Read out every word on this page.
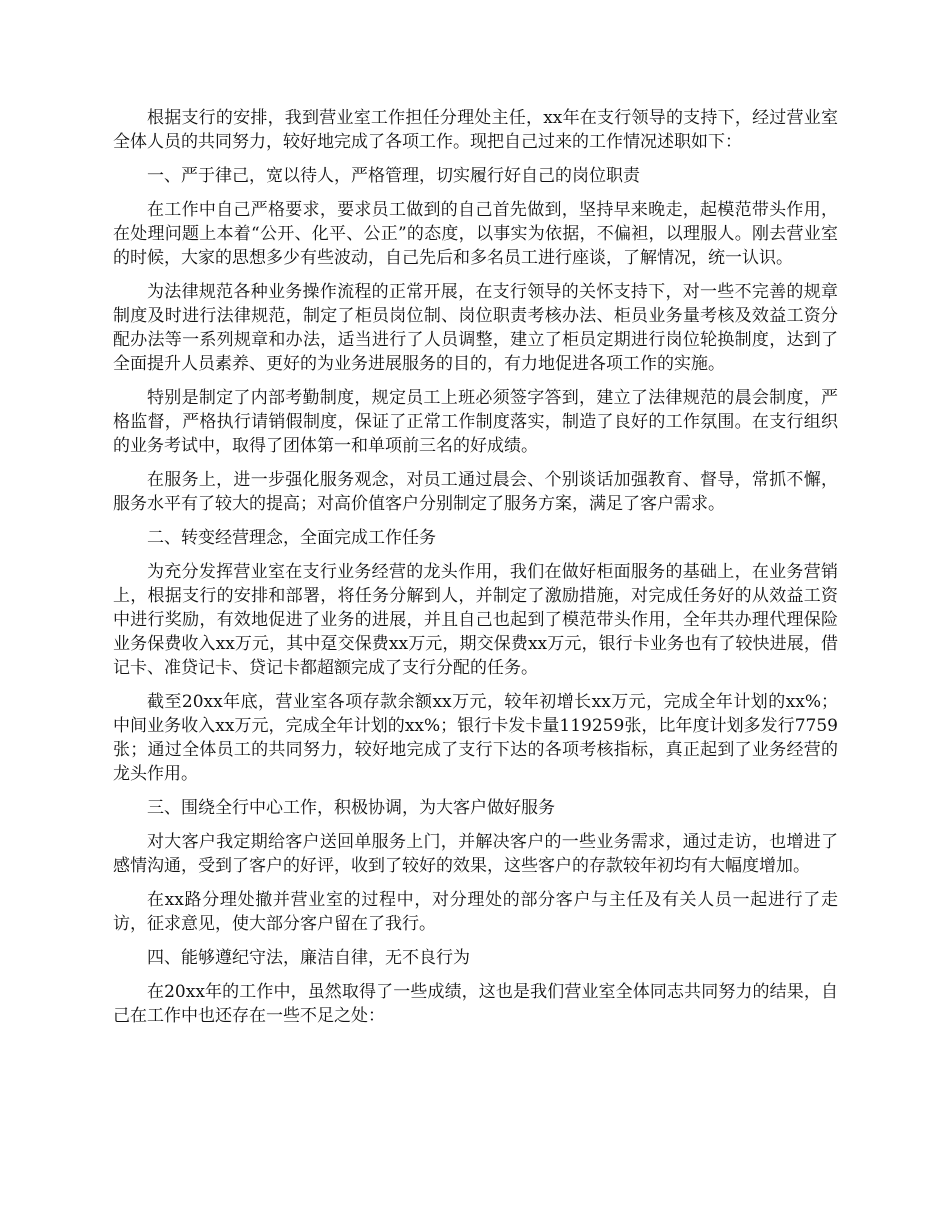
根据支行的安排，我到营业室工作担任分理处主任，xx年在支行领导的支持下，经过营业室全体人员的共同努力，较好地完成了各项工作。现把自己过来的工作情况述职如下：

一、严于律己，宽以待人，严格管理，切实履行好自己的岗位职责

在工作中自己严格要求，要求员工做到的自己首先做到，坚持早来晚走，起模范带头作用，在处理问题上本着“公开、化平、公正”的态度，以事实为依据，不偏袒，以理服人。刚去营业室的时候，大家的思想多少有些波动，自己先后和多名员工进行座谈，了解情况，统一认识。

为法律规范各种业务操作流程的正常开展，在支行领导的关怀支持下，对一些不完善的规章制度及时进行法律规范，制定了柜员岗位制、岗位职责考核办法、柜员业务量考核及效益工资分配办法等一系列规章和办法，适当进行了人员调整，建立了柜员定期进行岗位轮换制度，达到了全面提升人员素养、更好的为业务进展服务的目的，有力地促进各项工作的实施。

特别是制定了内部考勤制度，规定员工上班必须签字答到，建立了法律规范的晨会制度，严格监督，严格执行请销假制度，保证了正常工作制度落实，制造了良好的工作氛围。在支行组织的业务考试中，取得了团体第一和单项前三名的好成绩。

在服务上，进一步强化服务观念，对员工通过晨会、个别谈话加强教育、督导，常抓不懈，服务水平有了较大的提高；对高价值客户分别制定了服务方案，满足了客户需求。

二、转变经营理念，全面完成工作任务

为充分发挥营业室在支行业务经营的龙头作用，我们在做好柜面服务的基础上，在业务营销上，根据支行的安排和部署，将任务分解到人，并制定了激励措施，对完成任务好的从效益工资中进行奖励，有效地促进了业务的进展，并且自己也起到了模范带头作用，全年共办理代理保险业务保费收入xx万元，其中趸交保费xx万元，期交保费xx万元，银行卡业务也有了较快进展，借记卡、准贷记卡、贷记卡都超额完成了支行分配的任务。

截至20xx年底，营业室各项存款余额xx万元，较年初增长xx万元，完成全年计划的xx%；中间业务收入xx万元，完成全年计划的xx%；银行卡发卡量119259张，比年度计划多发行7759张；通过全体员工的共同努力，较好地完成了支行下达的各项考核指标，真正起到了业务经营的龙头作用。

三、围绕全行中心工作，积极协调，为大客户做好服务

对大客户我定期给客户送回单服务上门，并解决客户的一些业务需求，通过走访，也增进了感情沟通，受到了客户的好评，收到了较好的效果，这些客户的存款较年初均有大幅度增加。

在xx路分理处撤并营业室的过程中，对分理处的部分客户与主任及有关人员一起进行了走访，征求意见，使大部分客户留在了我行。

四、能够遵纪守法，廉洁自律，无不良行为

在20xx年的工作中，虽然取得了一些成绩，这也是我们营业室全体同志共同努力的结果，自己在工作中也还存在一些不足之处：
